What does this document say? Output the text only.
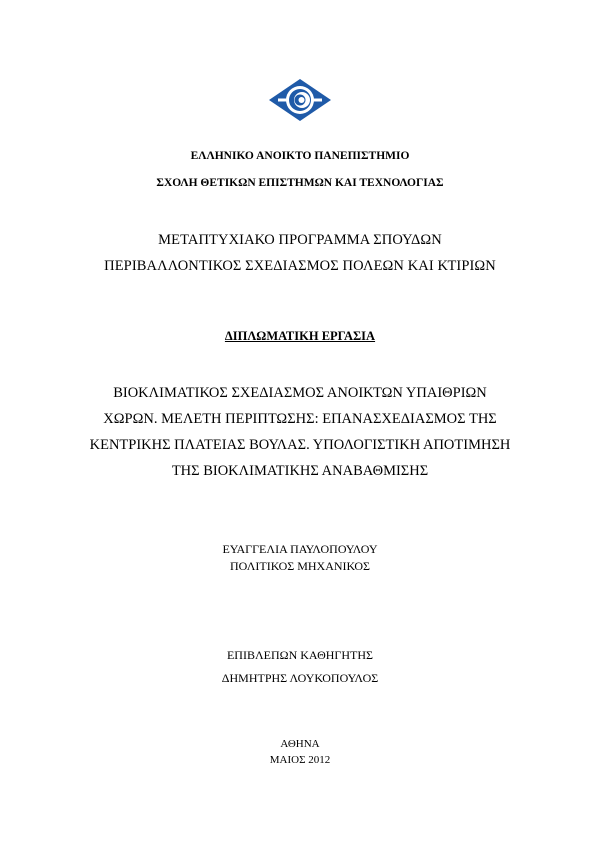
ΕΛΛΗΝΙΚΟ ΑΝΟΙΚΤΟ ΠΑΝΕΠΙΣΤΗΜΙΟ
ΣΧΟΛΗ ΘΕΤΙΚΩΝ ΕΠΙΣΤΗΜΩΝ ΚΑΙ ΤΕΧΝΟΛΟΓΙΑΣ
ΜΕΤΑΠΤΥΧΙΑΚΟ ΠΡΟΓΡΑΜΜΑ ΣΠΟΥΔΩΝ
ΠΕΡΙΒΑΛΛΟΝΤΙΚΟΣ ΣΧΕΔΙΑΣΜΟΣ ΠΟΛΕΩΝ ΚΑΙ ΚΤΙΡΙΩΝ
ΔΙΠΛΩΜΑΤΙΚΗ ΕΡΓΑΣΙΑ
ΒΙΟΚΛΙΜΑΤΙΚΟΣ ΣΧΕΔΙΑΣΜΟΣ ΑΝΟΙΚΤΩΝ ΥΠΑΙΘΡΙΩΝ
ΧΩΡΩΝ. ΜΕΛΕΤΗ ΠΕΡΙΠΤΩΣΗΣ: ΕΠΑΝΑΣΧΕΔΙΑΣΜΟΣ ΤΗΣ
ΚΕΝΤΡΙΚΗΣ ΠΛΑΤΕΙΑΣ ΒΟΥΛΑΣ. ΥΠΟΛΟΓΙΣΤΙΚΗ ΑΠΟΤΙΜΗΣΗ
ΤΗΣ ΒΙΟΚΛΙΜΑΤΙΚΗΣ ΑΝΑΒΑΘΜΙΣΗΣ
ΕΥΑΓΓΕΛΙΑ ΠΑΥΛΟΠΟΥΛΟΥ
ΠΟΛΙΤΙΚΟΣ ΜΗΧΑΝΙΚΟΣ
ΕΠΙΒΛΕΠΩΝ ΚΑΘΗΓΗΤΗΣ
ΔΗΜΗΤΡΗΣ ΛΟΥΚΟΠΟΥΛΟΣ
ΑΘΗΝΑ
ΜΑΙΟΣ 2012
